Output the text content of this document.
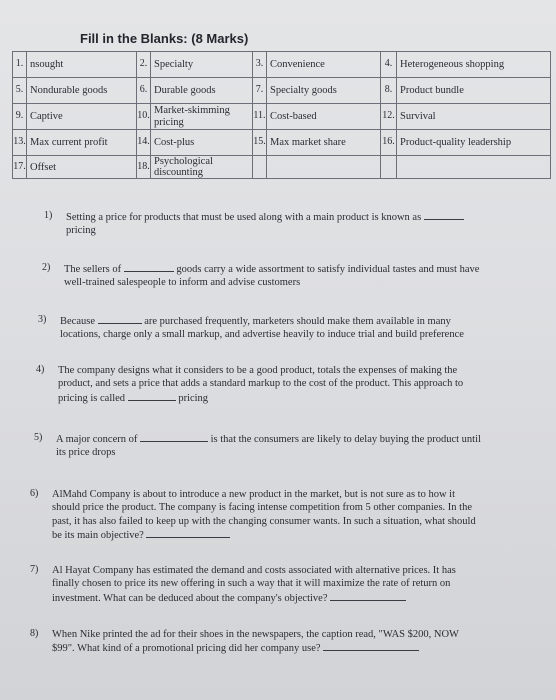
Fill in the Blanks: (8 Marks)
1.	nsought	2.	Specialty	3.	Convenience	4.	Heterogeneous shopping
5.	Nondurable goods	6.	Durable goods	7.	Specialty goods	8.	Product bundle
9.	Captive	10.	Market-skimming pricing	11.	Cost-based	12.	Survival
13.	Max current profit	14.	Cost-plus	15.	Max market share	16.	Product-quality leadership
17.	Offset	18.	Psychological discounting				
1) Setting a price for products that must be used along with a main product is known as
pricing
2) The sellers of	goods carry a wide assortment to satisfy individual tastes and must have
well-trained salespeople to inform and advise customers
3) Because	are purchased frequently, marketers should make them available in many
locations, charge only a small markup, and advertise heavily to induce trial and build preference
4) The company designs what it considers to be a good product, totals the expenses of making the
product, and sets a price that adds a standard markup to the cost of the product. This approach to
pricing is called	pricing
5) A major concern of	is that the consumers are likely to delay buying the product until
its price drops
6) AlMahd Company is about to introduce a new product in the market, but is not sure as to how it
should price the product. The company is facing intense competition from 5 other companies. In the
past, it has also failed to keep up with the changing consumer wants. In such a situation, what should
be its main objective?
7) Al Hayat Company has estimated the demand and costs associated with alternative prices. It has
finally chosen to price its new offering in such a way that it will maximize the rate of return on
investment. What can be deduced about the company's objective?
8) When Nike printed the ad for their shoes in the newspapers, the caption read, "WAS $200, NOW
$99". What kind of a promotional pricing did her company use?
